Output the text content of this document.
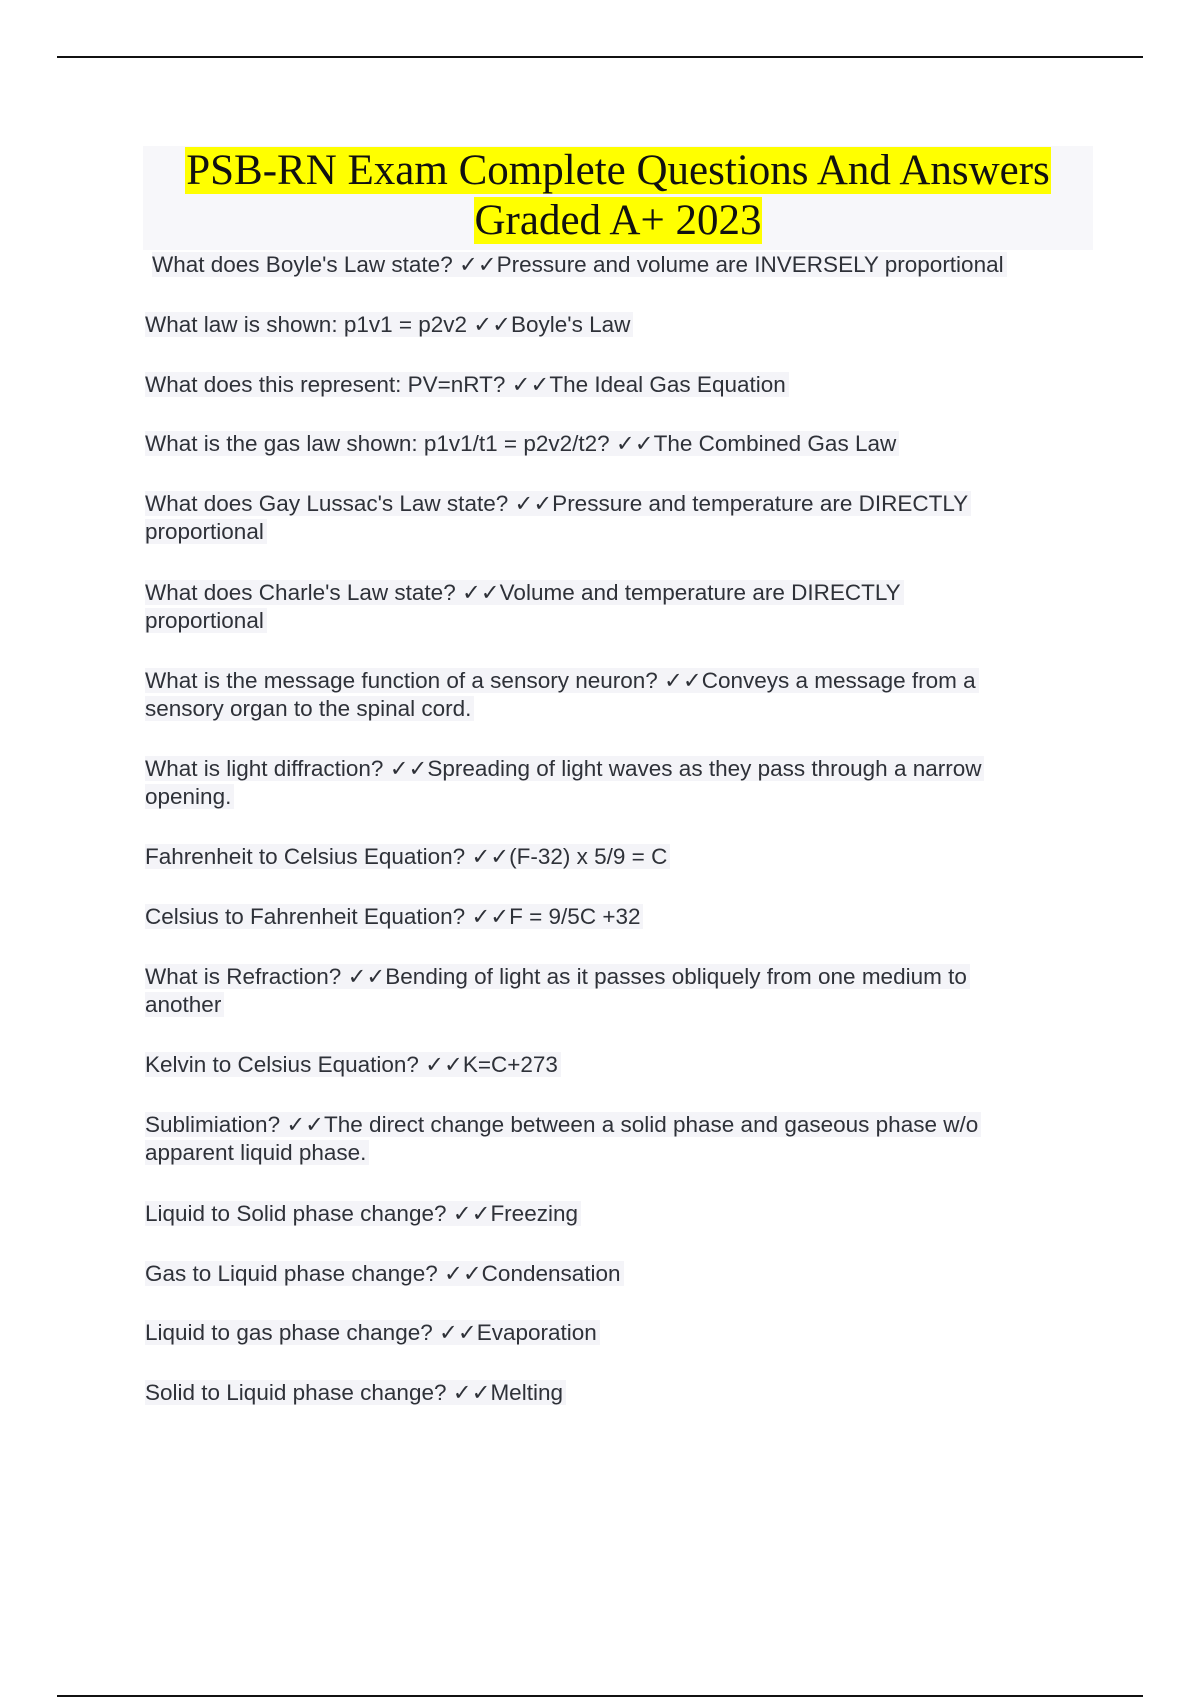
PSB-RN Exam Complete Questions And Answers
Graded A+ 2023
What does Boyle's Law state? ✓✓Pressure and volume are INVERSELY proportional
What law is shown: p1v1 = p2v2 ✓✓Boyle's Law
What does this represent: PV=nRT? ✓✓The Ideal Gas Equation
What is the gas law shown: p1v1/t1 = p2v2/t2? ✓✓The Combined Gas Law
What does Gay Lussac's Law state? ✓✓Pressure and temperature are DIRECTLY proportional
What does Charle's Law state? ✓✓Volume and temperature are DIRECTLY proportional
What is the message function of a sensory neuron? ✓✓Conveys a message from a sensory organ to the spinal cord.
What is light diffraction? ✓✓Spreading of light waves as they pass through a narrow opening.
Fahrenheit to Celsius Equation? ✓✓(F-32) x 5/9 = C
Celsius to Fahrenheit Equation? ✓✓F = 9/5C +32
What is Refraction? ✓✓Bending of light as it passes obliquely from one medium to another
Kelvin to Celsius Equation? ✓✓K=C+273
Sublimiation? ✓✓The direct change between a solid phase and gaseous phase w/o apparent liquid phase.
Liquid to Solid phase change? ✓✓Freezing
Gas to Liquid phase change? ✓✓Condensation
Liquid to gas phase change? ✓✓Evaporation
Solid to Liquid phase change? ✓✓Melting
